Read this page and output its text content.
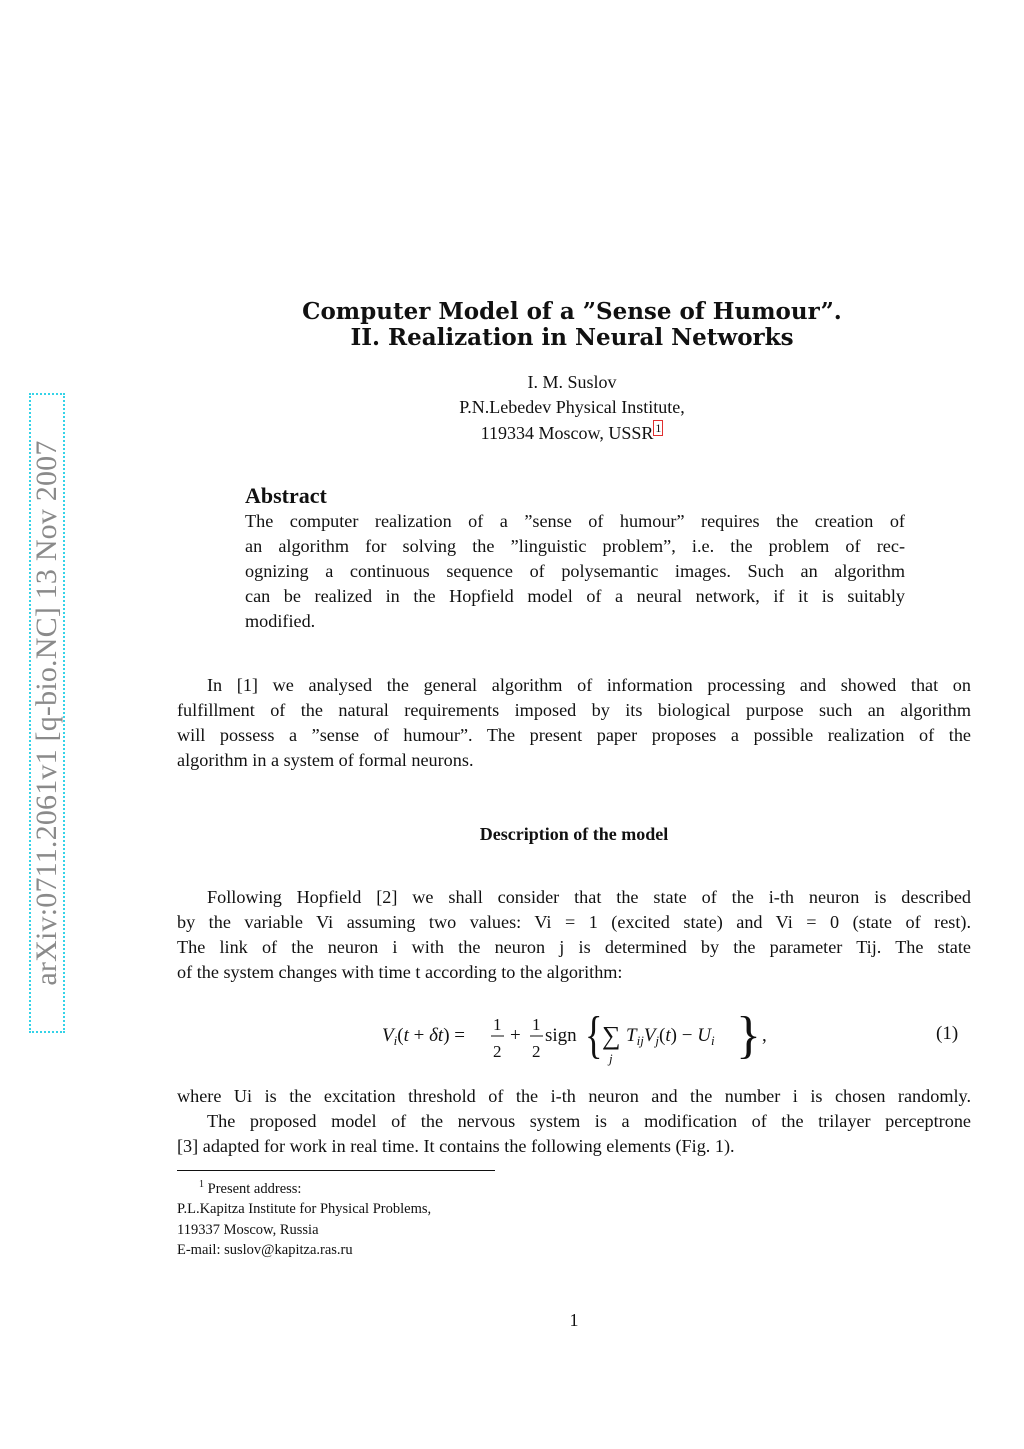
arXiv:0711.2061v1 [q-bio.NC] 13 Nov 2007
Computer Model of a ”Sense of Humour”.
II. Realization in Neural Networks
I. M. Suslov
P.N.Lebedev Physical Institute,
119334 Moscow, USSR $^1$
Abstract
The computer realization of a ”sense of humour” requires the creation of
an algorithm for solving the ”linguistic problem”, i.e. the problem of rec-
ognizing a continuous sequence of polysemantic images. Such an algorithm
can be realized in the Hopfield model of a neural network, if it is suitably
modified.
In [1] we analysed the general algorithm of information processing and showed that on
fulfillment of the natural requirements imposed by its biological purpose such an algorithm
will possess a ”sense of humour”. The present paper proposes a possible realization of the
algorithm in a system of formal neurons.
Description of the model
Following Hopfield [2] we shall consider that the state of the i-th neuron is described
by the variable Vi assuming two values: Vi = 1 (excited state) and Vi = 0 (state of rest).
The link of the neuron i with the neuron j is determined by the parameter Tij. The state
of the system changes with time t according to the algorithm:
$V_i(t + \delta t)$ =
1
2
+
1
2
sign { ∑
j
$T_{ij}V_j(t) - U_i$ } ,	(1)
where Ui is the excitation threshold of the i-th neuron and the number i is chosen randomly.
The proposed model of the nervous system is a modification of the trilayer perceptrone
[3] adapted for work in real time. It contains the following elements (Fig. 1).
$^1$ Present address:
P.L.Kapitza Institute for Physical Problems,
119337 Moscow, Russia
E-mail: suslov@kapitza.ras.ru
1
